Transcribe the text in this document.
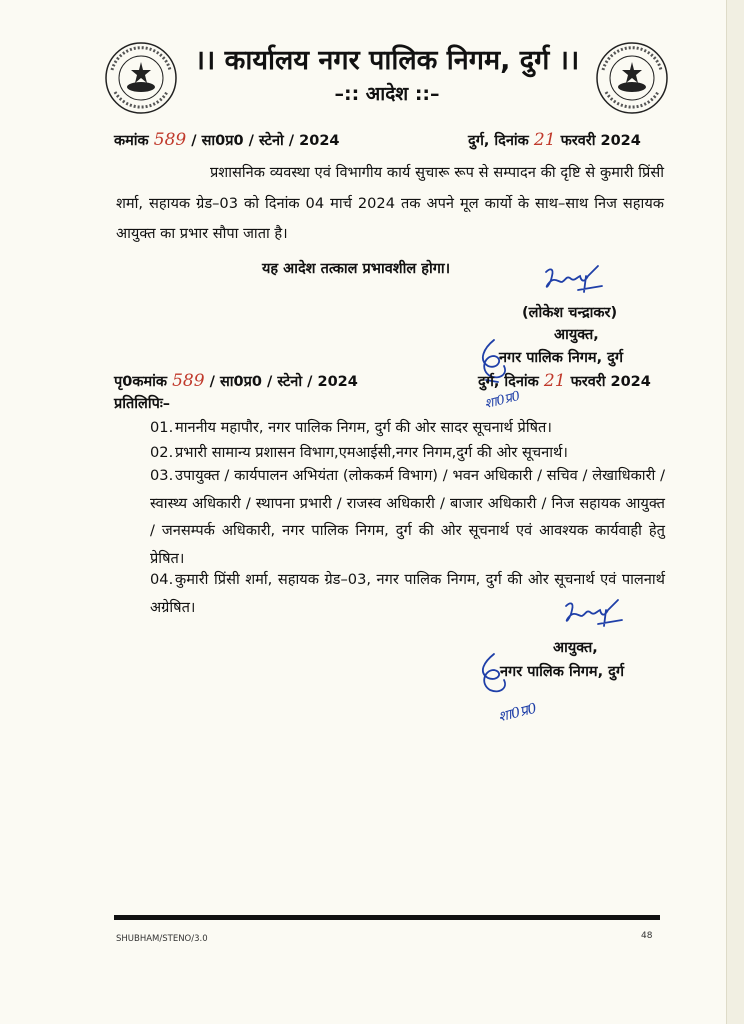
।। कार्यालय नगर पालिक निगम, दुर्ग ।।
–:: आदेश ::–
कमांक 589 / सा0प्र0 / स्टेनो / 2024	दुर्ग, दिनांक 21 फरवरी 2024
प्रशासनिक व्यवस्था एवं विभागीय कार्य सुचारू रूप से सम्पादन की दृष्टि से कुमारी प्रिंसी शर्मा, सहायक ग्रेड–03 को दिनांक 04 मार्च 2024 तक अपने मूल कार्यो के साथ–साथ निज सहायक आयुक्त का प्रभार सौपा जाता है।
यह आदेश तत्काल प्रभावशील होगा।
(लोकेश चन्द्राकर)
आयुक्त,
नगर पालिक निगम, दुर्ग
शा0प्र0
पृ0कमांक 589 / सा0प्र0 / स्टेनो / 2024	दुर्ग, दिनांक 21 फरवरी 2024
प्रतिलिपिः–
01. माननीय महापौर, नगर पालिक निगम, दुर्ग की ओर सादर सूचनार्थ प्रेषित।
02. प्रभारी सामान्य प्रशासन विभाग,एमआईसी,नगर निगम,दुर्ग की ओर सूचनार्थ।
03. उपायुक्त / कार्यपालन अभियंता (लोककर्म विभाग) / भवन अधिकारी / सचिव / लेखाधिकारी / स्वास्थ्य अधिकारी / स्थापना प्रभारी / राजस्व अधिकारी / बाजार अधिकारी / निज सहायक आयुक्त / जनसम्पर्क अधिकारी, नगर पालिक निगम, दुर्ग की ओर सूचनार्थ एवं आवश्यक कार्यवाही हेतु प्रेषित।
04. कुमारी प्रिंसी शर्मा, सहायक ग्रेड–03, नगर पालिक निगम, दुर्ग की ओर सूचनार्थ एवं पालनार्थ अग्रेषित।
आयुक्त,
नगर पालिक निगम, दुर्ग
शा0प्र0
SHUBHAM/STENO/3.0	48
